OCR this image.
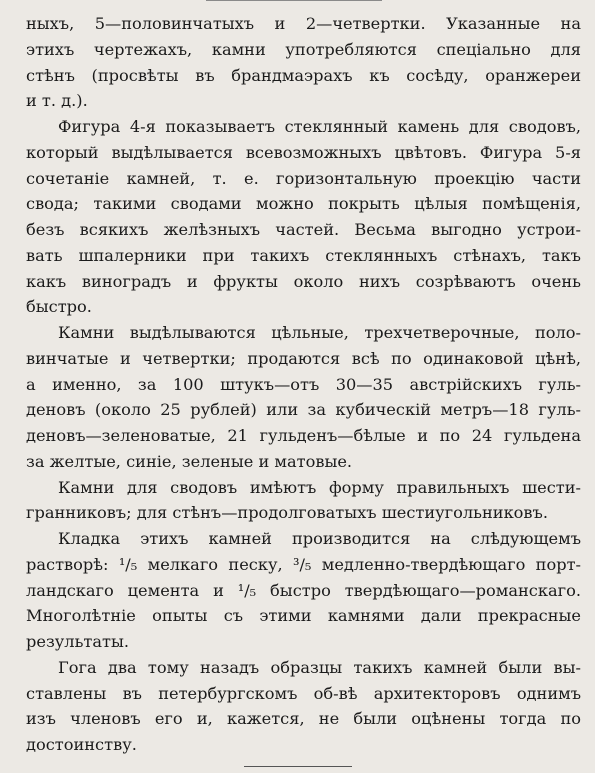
ныхъ, 5—половинчатыхъ и 2—четвертки. Указанные на
этихъ чертежахъ, камни употребляются спеціально для
стѣнъ (просвѣты въ брандмаэрахъ къ сосѣду, оранжереи
и т. д.).
Фигура 4-я показываетъ стеклянный камень для сводовъ,
который выдѣлывается всевозможныхъ цвѣтовъ. Фигура 5-я
сочетаніе камней, т. е. горизонтальную проекцію части
свода; такими сводами можно покрыть цѣлыя помѣщенія,
безъ всякихъ желѣзныхъ частей. Весьма выгодно устрои-
вать шпалерники при такихъ стеклянныхъ стѣнахъ, такъ
какъ виноградъ и фрукты около нихъ созрѣваютъ очень
быстро.
Камни выдѣлываются цѣльные, трехчетверочные, поло-
винчатые и четвертки; продаются всѣ по одинаковой цѣнѣ,
а именно, за 100 штукъ—отъ 30—35 австрійскихъ гуль-
деновъ (около 25 рублей) или за кубическій метръ—18 гуль-
деновъ—зеленоватые, 21 гульденъ—бѣлые и по 24 гульдена
за желтые, синіе, зеленые и матовые.
Камни для сводовъ имѣютъ форму правильныхъ шести-
гранниковъ; для стѣнъ—продолговатыхъ шестиугольниковъ.
Кладка этихъ камней производится на слѣдующемъ
растворѣ: ¹/₅ мелкаго песку, ³/₅ медленно-твердѣющаго порт-
ландскаго цемента и ¹/₅ быстро твердѣющаго—романскаго.
Многолѣтніе опыты съ этими камнями дали прекрасные
результаты.
Гога два тому назадъ образцы такихъ камней были вы-
ставлены въ петербургскомъ об-вѣ архитекторовъ однимъ
изъ членовъ его и, кажется, не были оцѣнены тогда по
достоинству.
